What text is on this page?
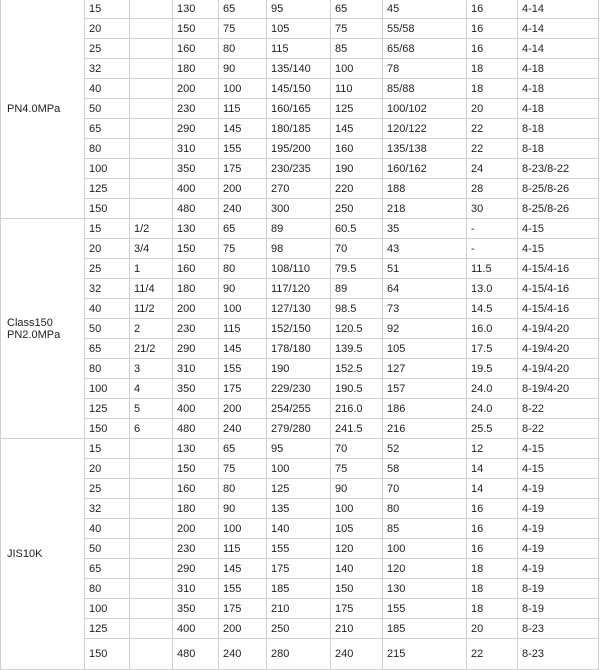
PN4.0MPa	15		130	65	95	65	45	16	4-14
	20		150	75	105	75	55/58	16	4-14
	25		160	80	115	85	65/68	16	4-14
	32		180	90	135/140	100	78	18	4-18
	40		200	100	145/150	110	85/88	18	4-18
	50		230	115	160/165	125	100/102	20	4-18
	65		290	145	180/185	145	120/122	22	8-18
	80		310	155	195/200	160	135/138	22	8-18
	100		350	175	230/235	190	160/162	24	8-23/8-22
	125		400	200	270	220	188	28	8-25/8-26
	150		480	240	300	250	218	30	8-25/8-26
Class150 PN2.0MPa	15	1/2	130	65	89	60.5	35	-	4-15
	20	3/4	150	75	98	70	43	-	4-15
	25	1	160	80	108/110	79.5	51	11.5	4-15/4-16
	32	11/4	180	90	117/120	89	64	13.0	4-15/4-16
	40	11/2	200	100	127/130	98.5	73	14.5	4-15/4-16
	50	2	230	115	152/150	120.5	92	16.0	4-19/4-20
	65	21/2	290	145	178/180	139.5	105	17.5	4-19/4-20
	80	3	310	155	190	152.5	127	19.5	4-19/4-20
	100	4	350	175	229/230	190.5	157	24.0	8-19/4-20
	125	5	400	200	254/255	216.0	186	24.0	8-22
	150	6	480	240	279/280	241.5	216	25.5	8-22
JIS10K	15		130	65	95	70	52	12	4-15
	20		150	75	100	75	58	14	4-15
	25		160	80	125	90	70	14	4-19
	32		180	90	135	100	80	16	4-19
	40		200	100	140	105	85	16	4-19
	50		230	115	155	120	100	16	4-19
	65		290	145	175	140	120	18	4-19
	80		310	155	185	150	130	18	8-19
	100		350	175	210	175	155	18	8-19
	125		400	200	250	210	185	20	8-23
	150		480	240	280	240	215	22	8-23
